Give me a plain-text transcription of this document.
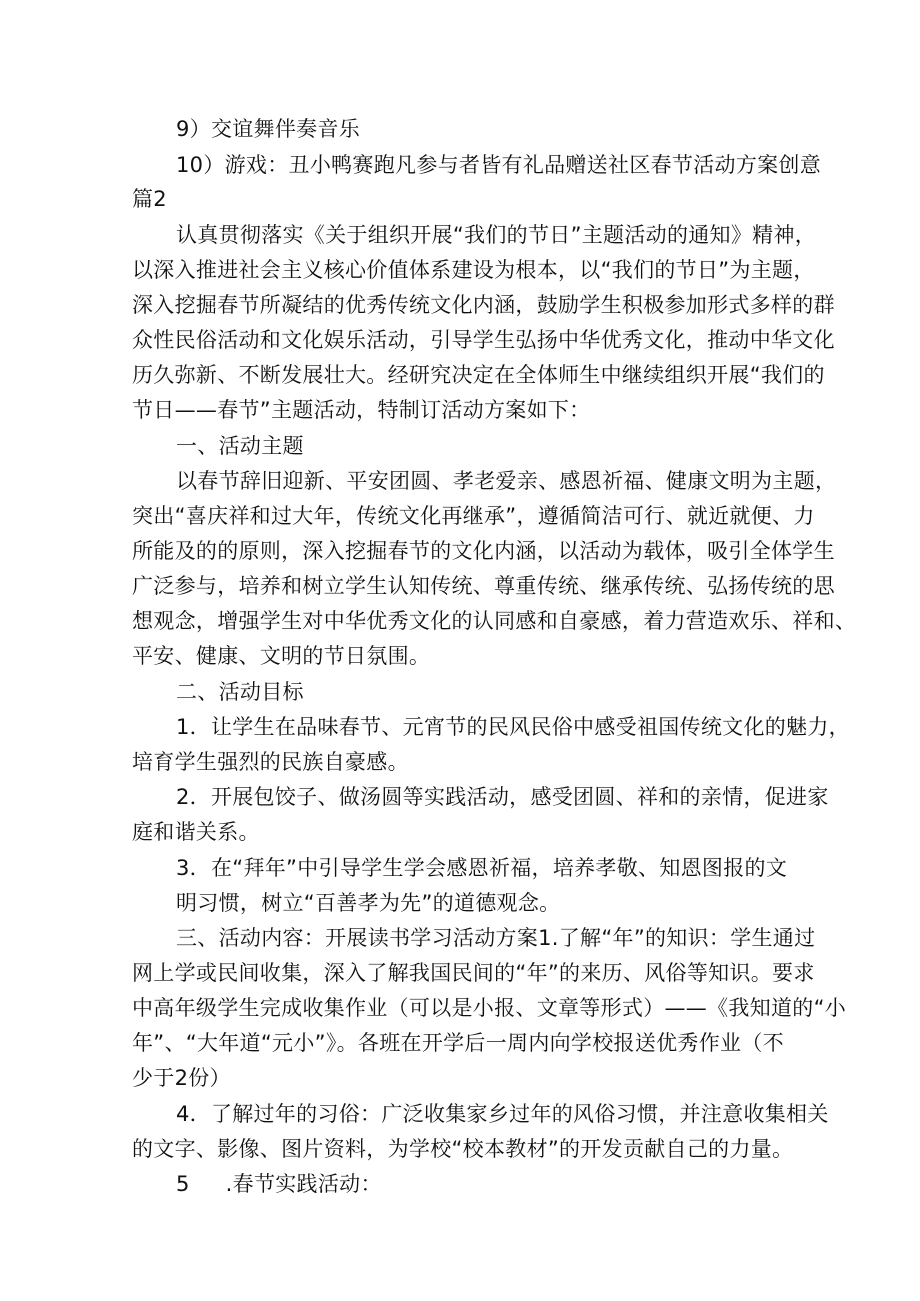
9）交谊舞伴奏音乐

10）游戏：丑小鸭赛跑凡参与者皆有礼品赠送社区春节活动方案创意

篇2

认真贯彻落实《关于组织开展“我们的节日”主题活动的通知》精神，

以深入推进社会主义核心价值体系建设为根本，以“我们的节日”为主题，

深入挖掘春节所凝结的优秀传统文化内涵，鼓励学生积极参加形式多样的群

众性民俗活动和文化娱乐活动，引导学生弘扬中华优秀文化，推动中华文化

历久弥新、不断发展壮大。经研究决定在全体师生中继续组织开展“我们的

节日——春节”主题活动，特制订活动方案如下：

一、活动主题

以春节辞旧迎新、平安团圆、孝老爱亲、感恩祈福、健康文明为主题，

突出“喜庆祥和过大年，传统文化再继承”，遵循简洁可行、就近就便、力

所能及的的原则，深入挖掘春节的文化内涵，以活动为载体，吸引全体学生

广泛参与，培养和树立学生认知传统、尊重传统、继承传统、弘扬传统的思

想观念，增强学生对中华优秀文化的认同感和自豪感，着力营造欢乐、祥和、

平安、健康、文明的节日氛围。

二、活动目标

1．让学生在品味春节、元宵节的民风民俗中感受祖国传统文化的魅力，

培育学生强烈的民族自豪感。

2．开展包饺子、做汤圆等实践活动，感受团圆、祥和的亲情，促进家

庭和谐关系。

3．在“拜年”中引导学生学会感恩祈福，培养孝敬、知恩图报的文

明习惯，树立“百善孝为先”的道德观念。

三、活动内容：开展读书学习活动方案1.了解“年”的知识：学生通过

网上学或民间收集，深入了解我国民间的“年”的来历、风俗等知识。要求

中高年级学生完成收集作业（可以是小报、文章等形式）——《我知道的“小

年”、“大年道“元小”》。各班在开学后一周内向学校报送优秀作业（不

少于2份）

4．了解过年的习俗：广泛收集家乡过年的风俗习惯，并注意收集相关

的文字、影像、图片资料，为学校“校本教材”的开发贡献自己的力量。

5 .春节实践活动：
